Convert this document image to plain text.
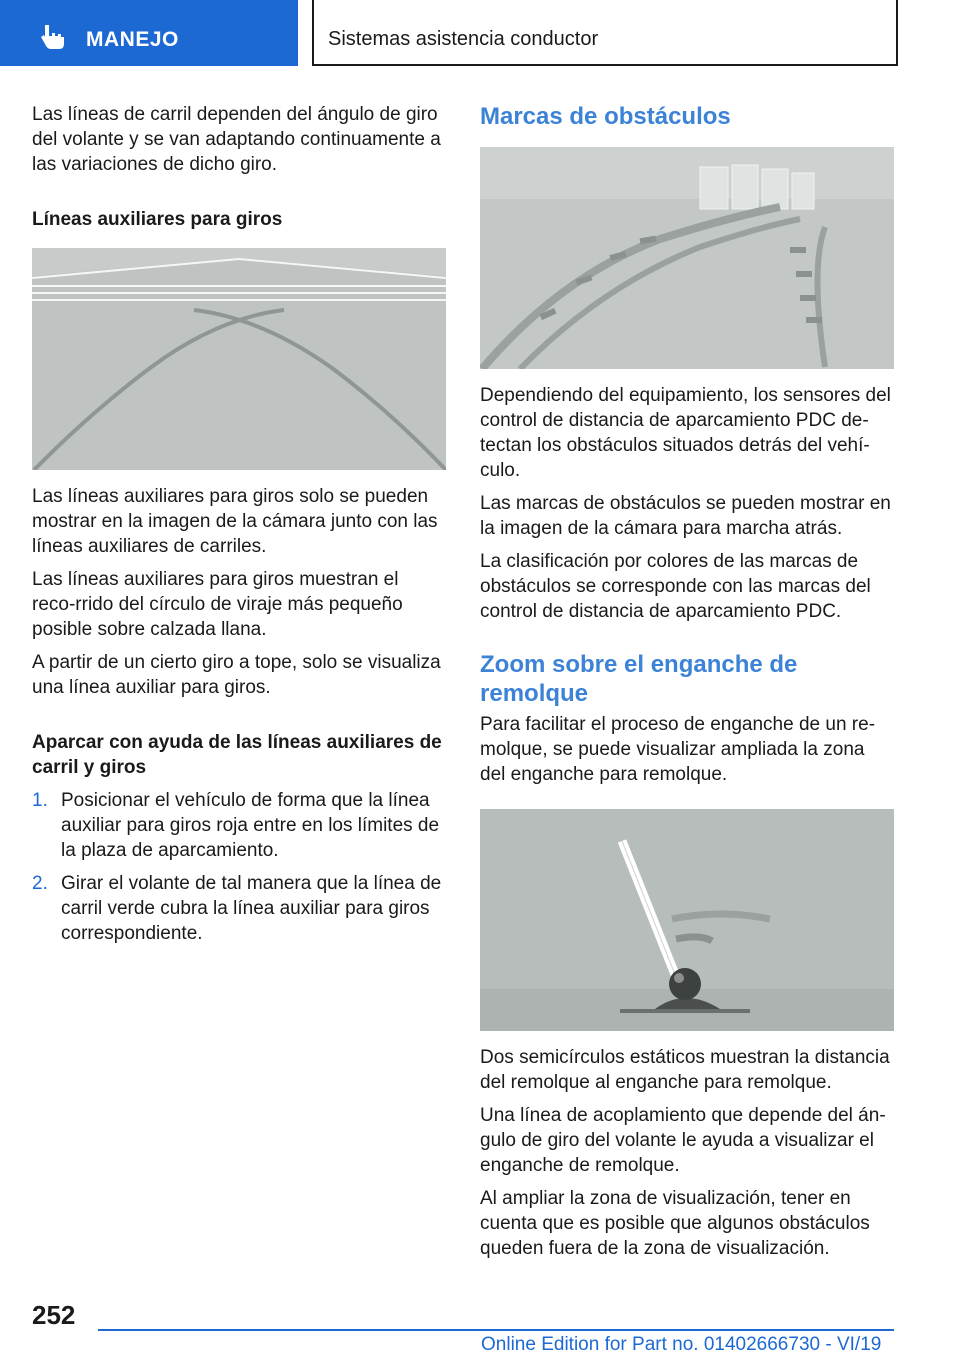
MANEJO	Sistemas asistencia conductor

Las líneas de carril dependen del ángulo de giro del volante y se van adaptando continuamente a las variaciones de dicho giro.

Líneas auxiliares para giros

Las líneas auxiliares para giros solo se pueden mostrar en la imagen de la cámara junto con las líneas auxiliares de carriles.

Las líneas auxiliares para giros muestran el reco‐rrido del círculo de viraje más pequeño posible sobre calzada llana.

A partir de un cierto giro a tope, solo se visualiza una línea auxiliar para giros.

Aparcar con ayuda de las líneas auxiliares de carril y giros
1. Posicionar el vehículo de forma que la línea auxiliar para giros roja entre en los límites de la plaza de aparcamiento.
2. Girar el volante de tal manera que la línea de carril verde cubra la línea auxiliar para giros correspondiente.
Marcas de obstáculos

Dependiendo del equipamiento, los sensores del control de distancia de aparcamiento PDC de‐tectan los obstáculos situados detrás del vehí‐culo.

Las marcas de obstáculos se pueden mostrar en la imagen de la cámara para marcha atrás.

La clasificación por colores de las marcas de obstáculos se corresponde con las marcas del control de distancia de aparcamiento PDC.

Zoom sobre el enganche de remolque

Para facilitar el proceso de enganche de un re‐molque, se puede visualizar ampliada la zona del enganche para remolque.

Dos semicírculos estáticos muestran la distancia del remolque al enganche para remolque.

Una línea de acoplamiento que depende del án‐gulo de giro del volante le ayuda a visualizar el enganche de remolque.

Al ampliar la zona de visualización, tener en cuenta que es posible que algunos obstáculos queden fuera de la zona de visualización.

252
Online Edition for Part no. 01402666730 - VI/19
